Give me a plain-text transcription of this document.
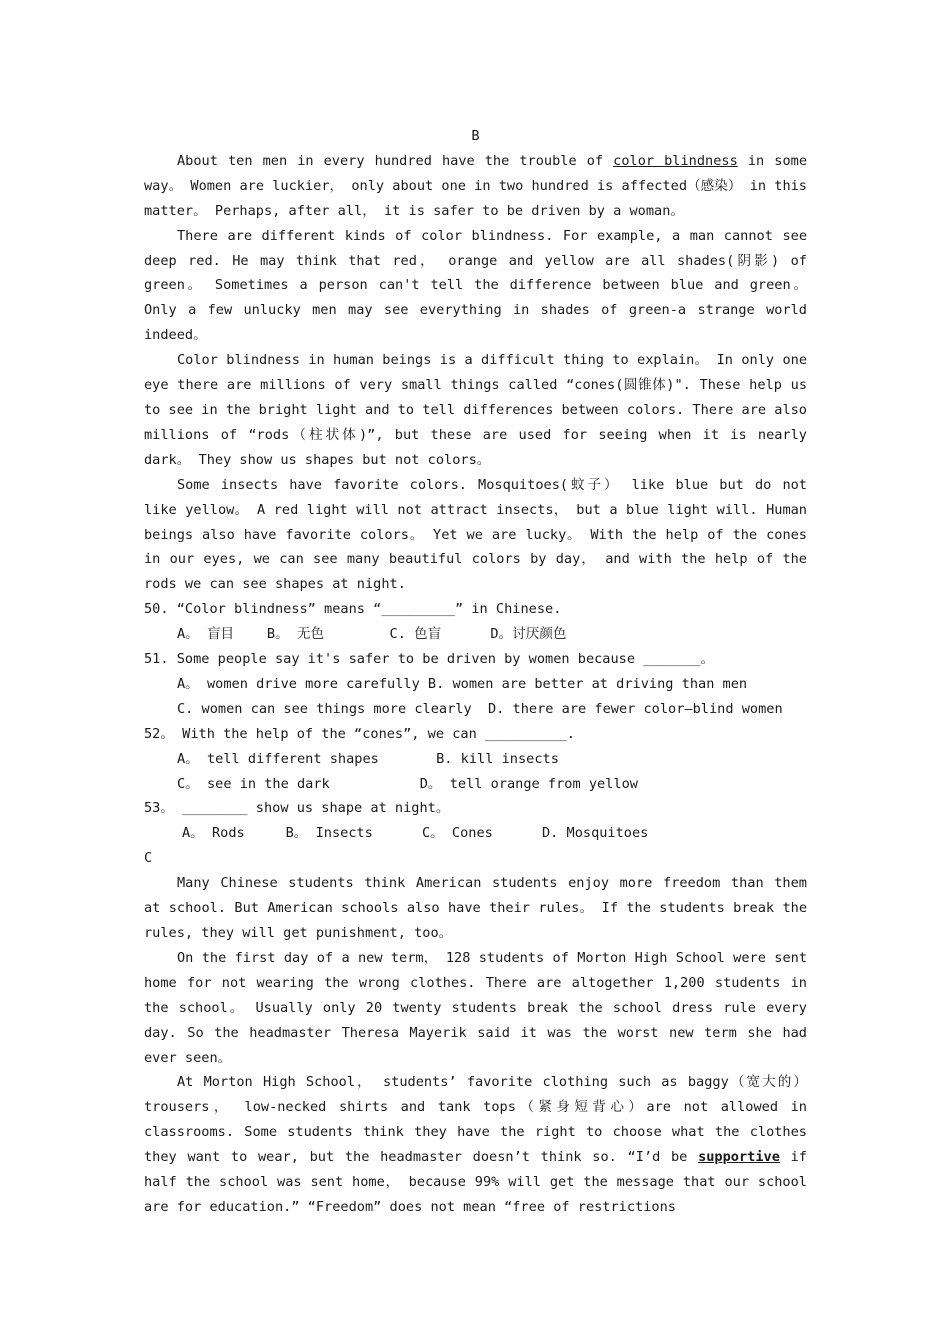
B

About ten men in every hundred have the trouble of color blindness in some way。 Women are luckier， only about one in two hundred is affected（感染） in this matter。 Perhaps, after all， it is safer to be driven by a woman。

There are different kinds of color blindness. For example, a man cannot see deep red. He may think that red， orange and yellow are all shades(阴影) of green。 Sometimes a person can't tell the difference between blue and green。 Only a few unlucky men may see everything in shades of green-a strange world indeed。

Color blindness in human beings is a difficult thing to explain。 In only one eye there are millions of very small things called “cones(圆锥体)". These help us to see in the bright light and to tell differences between colors. There are also millions of “rods（柱状体)”, but these are used for seeing when it is nearly dark。 They show us shapes but not colors。

Some insects have favorite colors. Mosquitoes(蚊子） like blue but do not like yellow。 A red light will not attract insects， but a blue light will. Human beings also have favorite colors。 Yet we are lucky。 With the help of the cones in our eyes, we can see many beautiful colors by day， and with the help of the rods we can see shapes at night.

50. “Color blindness” means “_________” in Chinese.

A。 盲目    B。 无色        C. 色盲      D。讨厌颜色

51. Some people say it's safer to be driven by women because _______。

A。 women drive more carefully B. women are better at driving than men

C. women can see things more clearly  D. there are fewer color—blind women

52。 With the help of the “cones”, we can __________.

A。 tell different shapes       B. kill insects

C。 see in the dark           D。 tell orange from yellow

53。 ________ show us shape at night。

A。 Rods     B。 Insects      C。 Cones      D. Mosquitoes

C

Many Chinese students think American students enjoy more freedom than them at school. But American schools also have their rules。 If the students break the rules, they will get punishment, too。

On the first day of a new term， 128 students of Morton High School were sent home for not wearing the wrong clothes. There are altogether 1,200 students in the school。 Usually only 20 twenty students break the school dress rule every day. So the headmaster Theresa Mayerik said it was the worst new term she had ever seen。

At Morton High School， students’ favorite clothing such as baggy（宽大的）trousers， low-necked shirts and tank tops（紧身短背心）are not allowed in classrooms. Some students think they have the right to choose what the clothes they want to wear, but the headmaster doesn’t think so. “I’d be supportive if half the school was sent home， because 99% will get the message that our school are for education.” “Freedom” does not mean “free of restrictions
